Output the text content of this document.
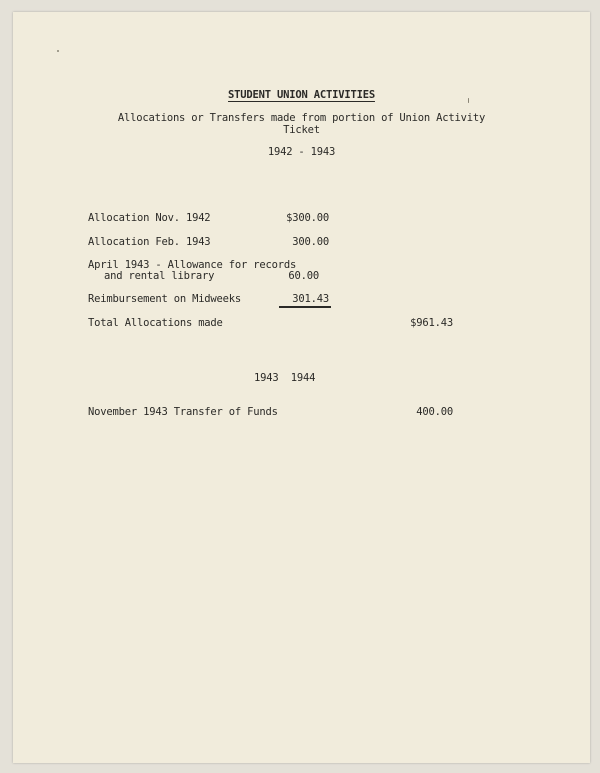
STUDENT UNION ACTIVITIES
Allocations or Transfers made from portion of Union Activity
Ticket
1942 - 1943
Allocation Nov. 1942	$300.00
Allocation Feb. 1943	300.00
April 1943 - Allowance for records
and rental library	60.00
Reimbursement on Midweeks	301.43
Total Allocations made	$961.43
1943  1944
November 1943 Transfer of Funds	400.00
